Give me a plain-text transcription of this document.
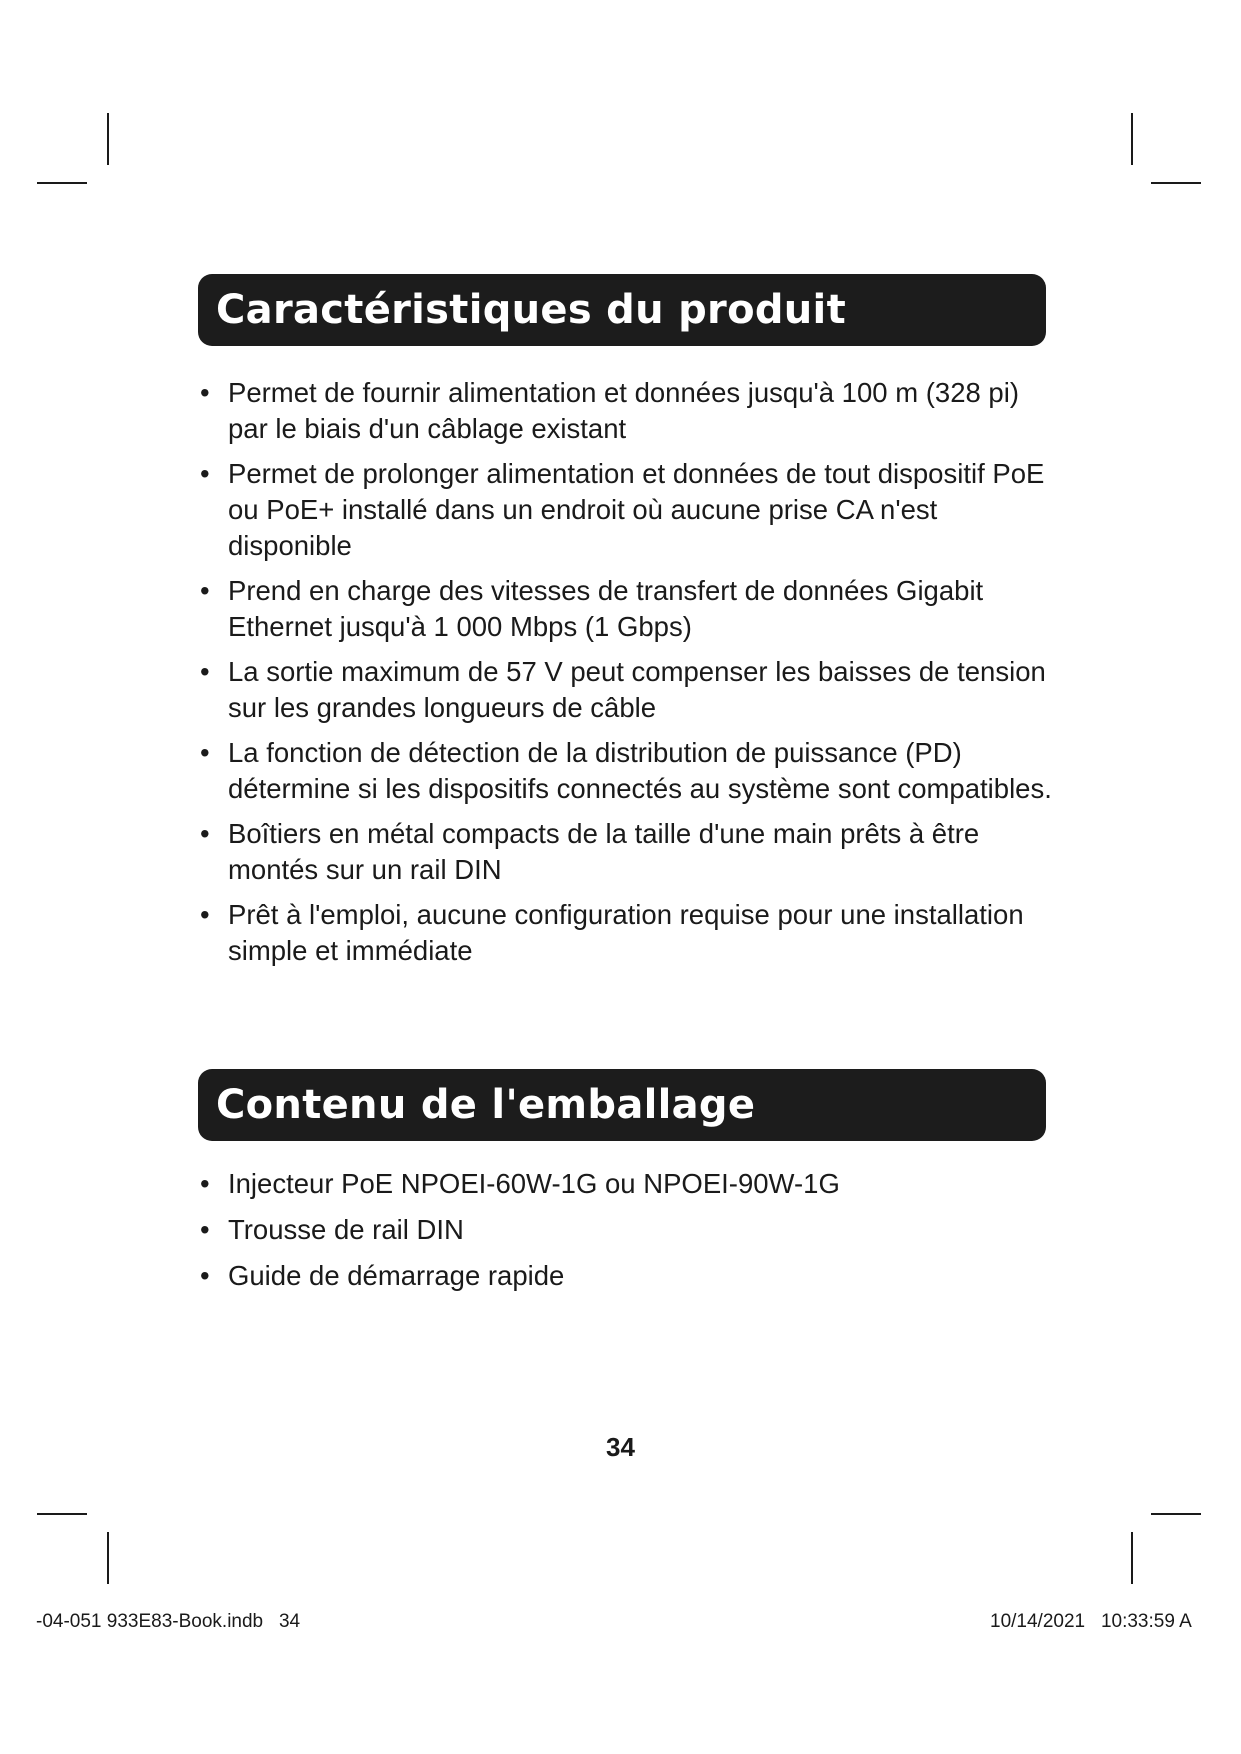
Caractéristiques du produit
• Permet de fournir alimentation et données jusqu'à 100 m (328 pi) par le biais d'un câblage existant
• Permet de prolonger alimentation et données de tout dispositif PoE ou PoE+ installé dans un endroit où aucune prise CA n'est disponible
• Prend en charge des vitesses de transfert de données Gigabit Ethernet jusqu'à 1 000 Mbps (1 Gbps)
• La sortie maximum de 57 V peut compenser les baisses de tension sur les grandes longueurs de câble
• La fonction de détection de la distribution de puissance (PD) détermine si les dispositifs connectés au système sont compatibles.
• Boîtiers en métal compacts de la taille d'une main prêts à être montés sur un rail DIN
• Prêt à l'emploi, aucune configuration requise pour une installation simple et immédiate
Contenu de l'emballage
• Injecteur PoE NPOEI-60W-1G ou NPOEI-90W-1G
• Trousse de rail DIN
• Guide de démarrage rapide
34
-04-051 933E83-Book.indb 34	10/14/2021 10:33:59 A
